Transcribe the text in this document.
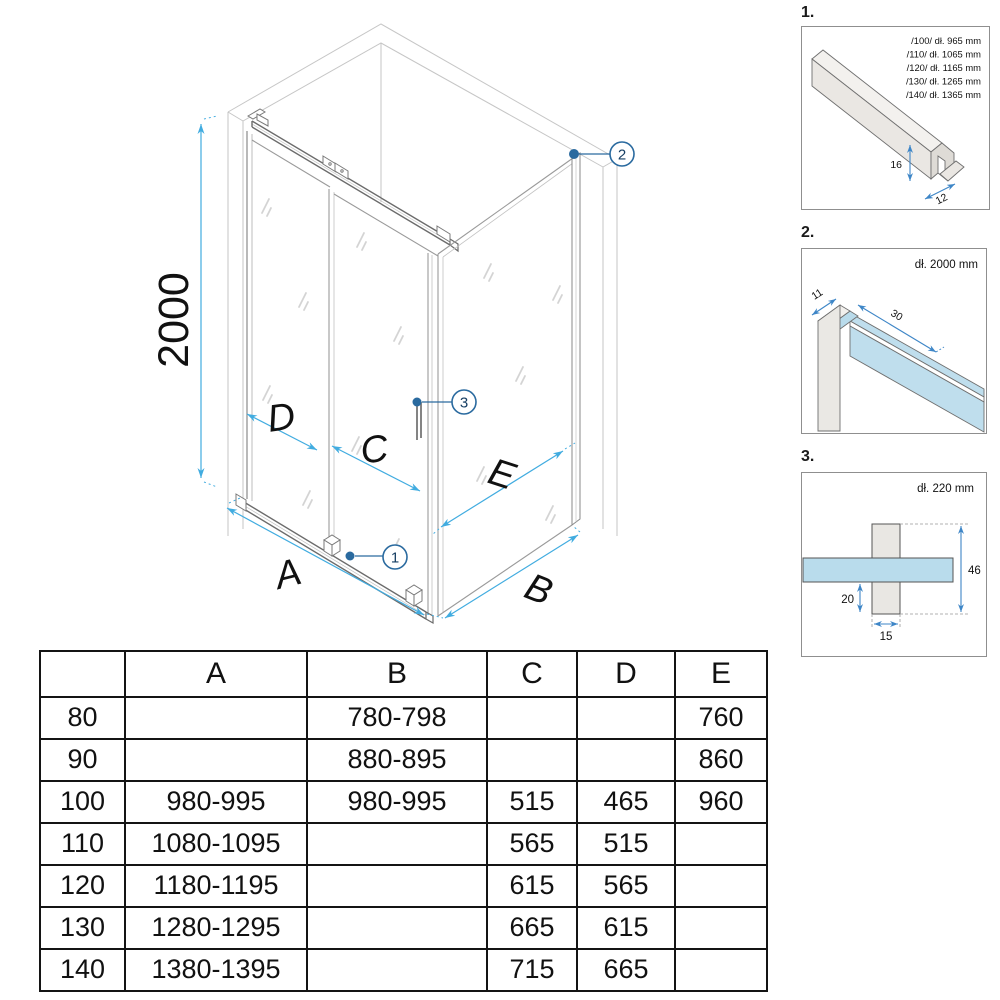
2000
D
C
E
A	B
1
2
3
1.
16
12
/100/ dł. 965 mm
/110/ dł. 1065 mm
/120/ dł. 1165 mm
/130/ dł. 1265 mm
/140/ dł. 1365 mm
2.
11
30
dł. 2000 mm
3.
46
20
15
dł. 220 mm
	A	B	C	D	E
80		780-798			760
90		880-895			860
100	980-995	980-995	515	465	960
110	1080-1095		565	515	
120	1180-1195		615	565	
130	1280-1295		665	615	
140	1380-1395		715	665	
